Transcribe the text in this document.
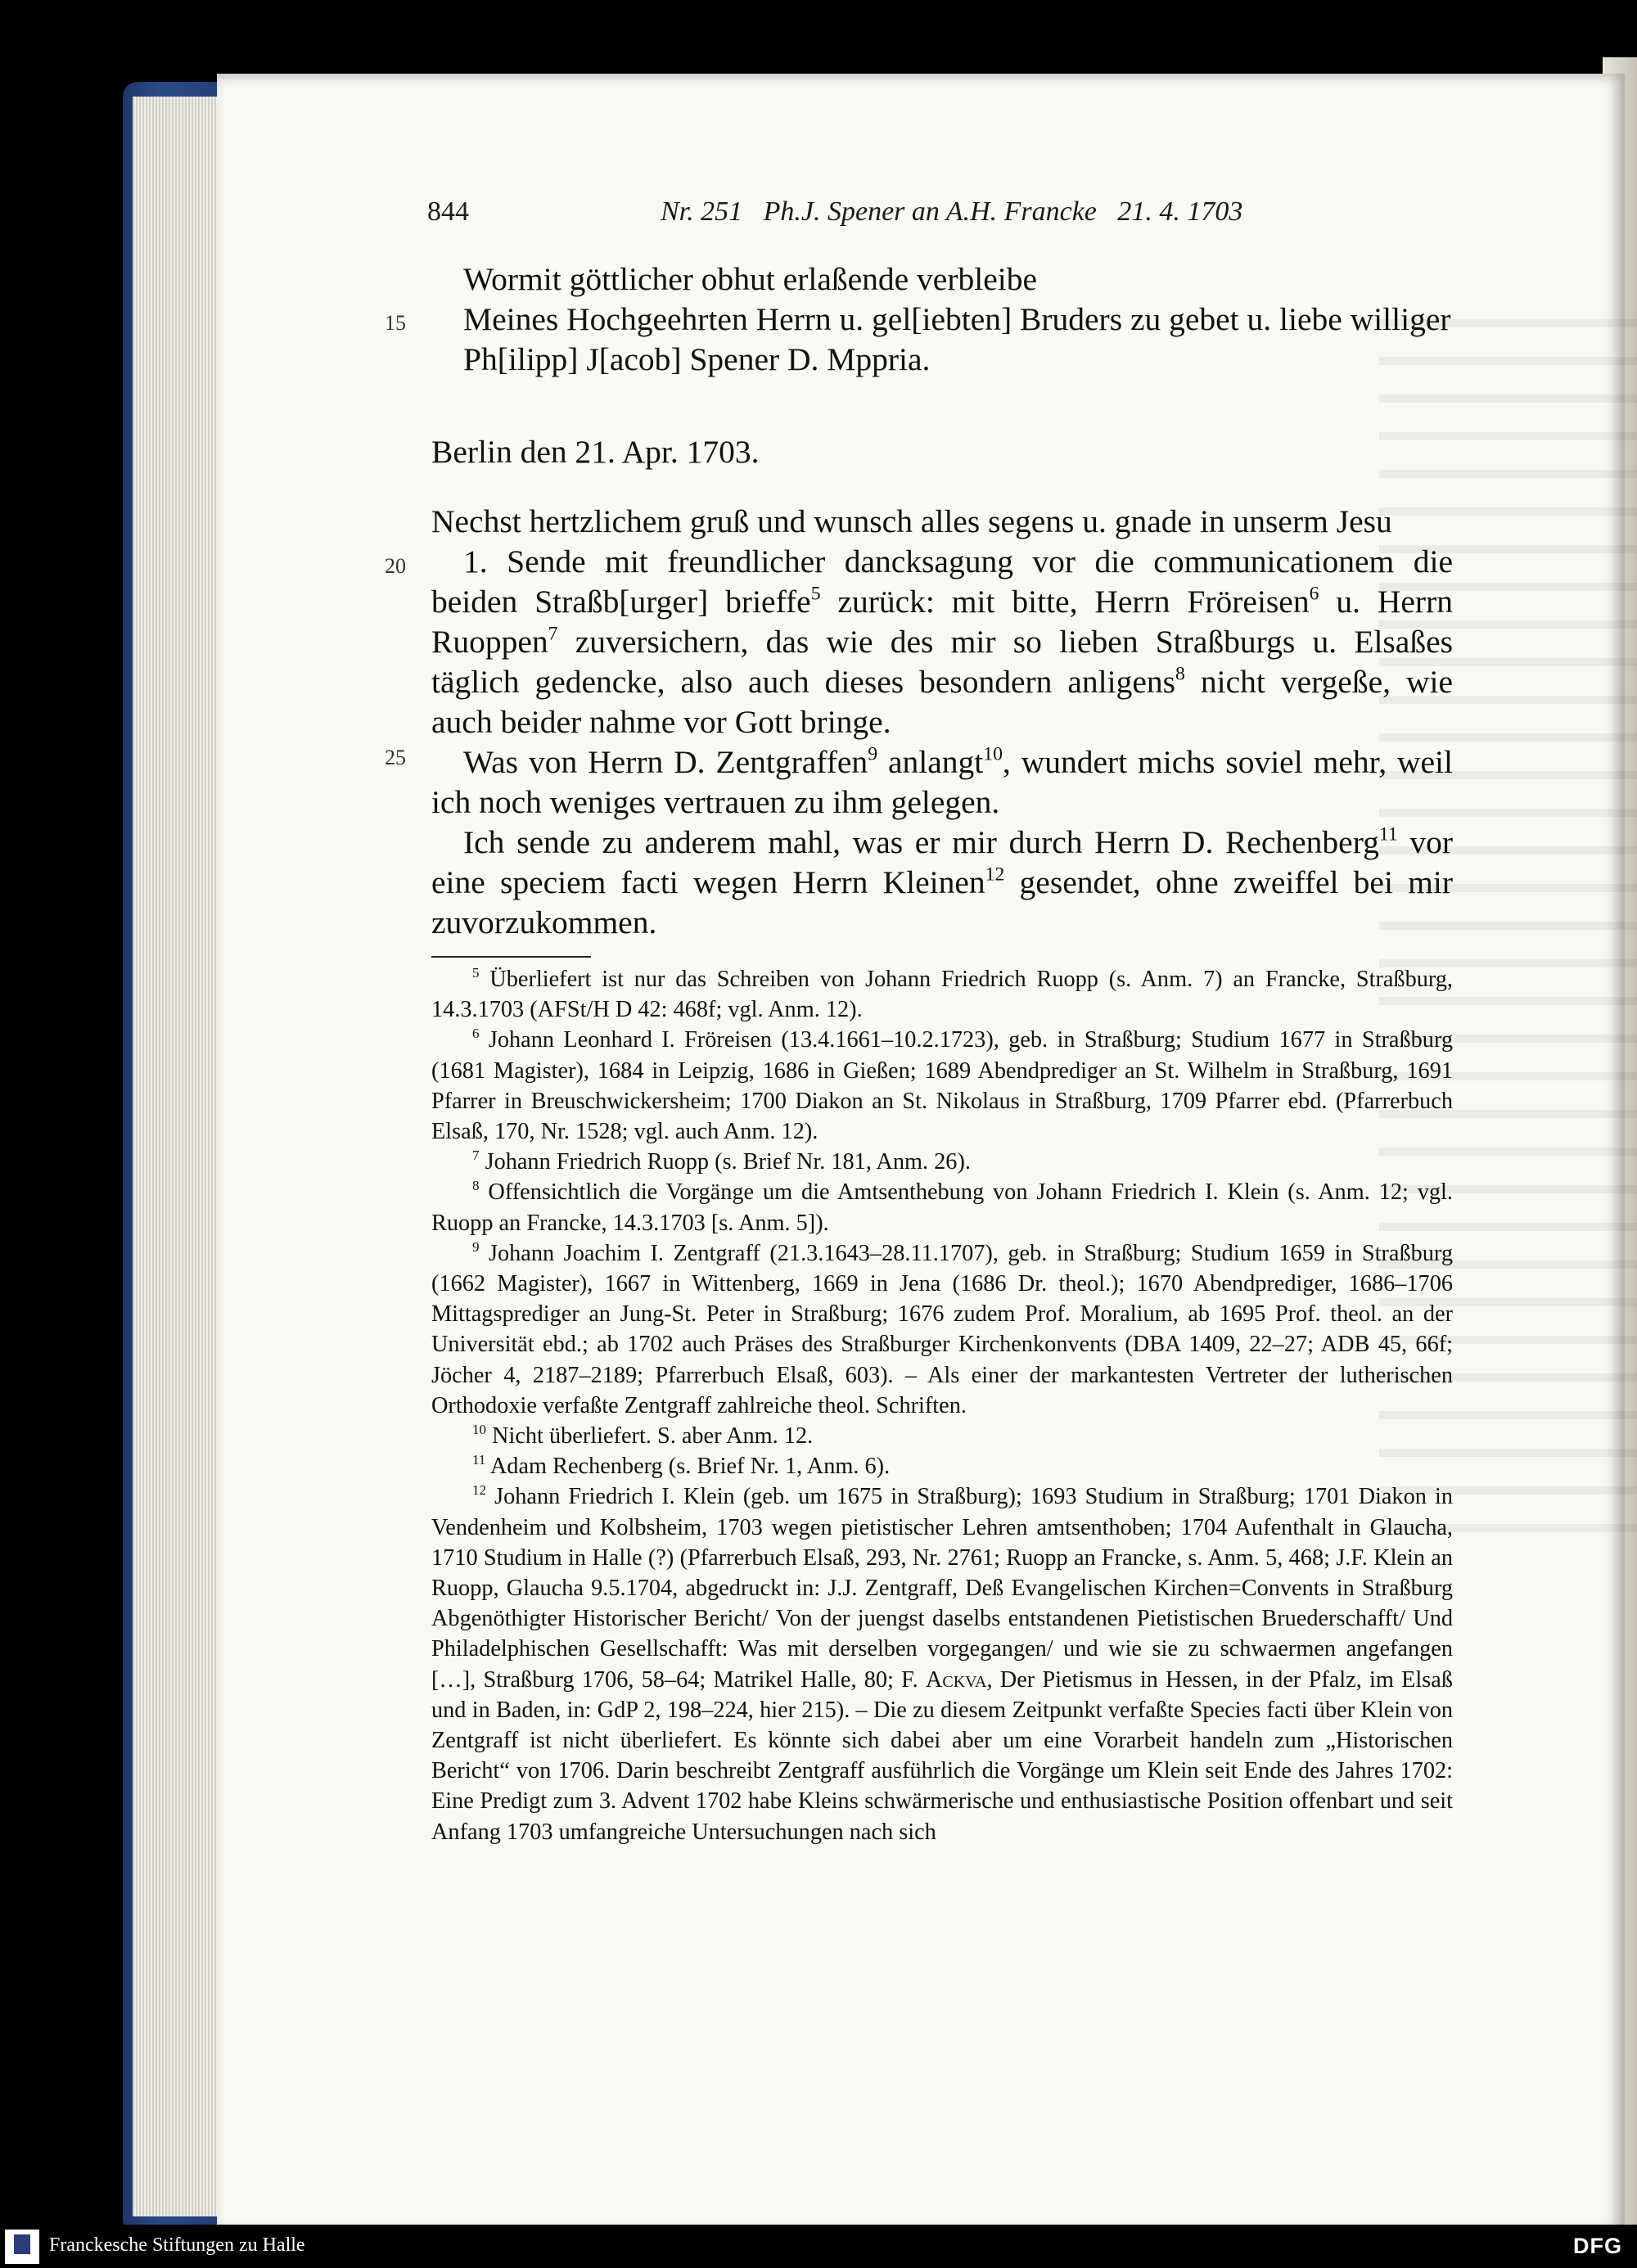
844	Nr. 251   Ph.J. Spener an A.H. Francke   21. 4. 1703
15
20
25

Wormit göttlicher obhut erlaßende verbleibe

Meines Hochgeehrten Herrn u. gel[iebten] Bruders zu gebet u. liebe williger

Ph[ilipp] J[acob] Spener D. Mppria.

Berlin den 21. Apr. 1703.

Nechst hertzlichem gruß und wunsch alles segens u. gnade in unserm Jesu

1. Sende mit freundlicher dancksagung vor die communicationem die beiden Straßb[urger] brieffe$^5$ zurück: mit bitte, Herrn Fröreisen$^6$ u. Herrn Ruoppen$^7$ zuversichern, das wie des mir so lieben Straßburgs u. Elsaßes täglich gedencke, also auch dieses besondern anligens$^8$ nicht vergeße, wie auch beider nahme vor Gott bringe.

Was von Herrn D. Zentgraffen$^9$ anlangt$^{10}$, wundert michs soviel mehr, weil ich noch weniges vertrauen zu ihm gelegen.

Ich sende zu anderem mahl, was er mir durch Herrn D. Rechenberg$^{11}$ vor eine speciem facti wegen Herrn Kleinen$^{12}$ gesendet, ohne zweiffel bei mir zuvorzukommen.

$^5$ Überliefert ist nur das Schreiben von Johann Friedrich Ruopp (s. Anm. 7) an Francke, Straßburg, 14.3.1703 (AFSt/H D 42: 468f; vgl. Anm. 12).

$^6$ Johann Leonhard I. Fröreisen (13.4.1661–10.2.1723), geb. in Straßburg; Studium 1677 in Straßburg (1681 Magister), 1684 in Leipzig, 1686 in Gießen; 1689 Abendprediger an St. Wilhelm in Straßburg, 1691 Pfarrer in Breuschwickersheim; 1700 Diakon an St. Nikolaus in Straßburg, 1709 Pfarrer ebd. (Pfarrerbuch Elsaß, 170, Nr. 1528; vgl. auch Anm. 12).

$^7$ Johann Friedrich Ruopp (s. Brief Nr. 181, Anm. 26).

$^8$ Offensichtlich die Vorgänge um die Amtsenthebung von Johann Friedrich I. Klein (s. Anm. 12; vgl. Ruopp an Francke, 14.3.1703 [s. Anm. 5]).

$^9$ Johann Joachim I. Zentgraff (21.3.1643–28.11.1707), geb. in Straßburg; Studium 1659 in Straßburg (1662 Magister), 1667 in Wittenberg, 1669 in Jena (1686 Dr. theol.); 1670 Abendprediger, 1686–1706 Mittagsprediger an Jung-St. Peter in Straßburg; 1676 zudem Prof. Moralium, ab 1695 Prof. theol. an der Universität ebd.; ab 1702 auch Präses des Straßburger Kirchenkonvents (DBA 1409, 22–27; ADB 45, 66f; Jöcher 4, 2187–2189; Pfarrerbuch Elsaß, 603). – Als einer der markantesten Vertreter der lutherischen Orthodoxie verfaßte Zentgraff zahlreiche theol. Schriften.

$^{10}$ Nicht überliefert. S. aber Anm. 12.

$^{11}$ Adam Rechenberg (s. Brief Nr. 1, Anm. 6).

$^{12}$ Johann Friedrich I. Klein (geb. um 1675 in Straßburg); 1693 Studium in Straßburg; 1701 Diakon in Vendenheim und Kolbsheim, 1703 wegen pietistischer Lehren amtsenthoben; 1704 Aufenthalt in Glaucha, 1710 Studium in Halle (?) (Pfarrerbuch Elsaß, 293, Nr. 2761; Ruopp an Francke, s. Anm. 5, 468; J.F. Klein an Ruopp, Glaucha 9.5.1704, abgedruckt in: J.J. Zentgraff, Deß Evangelischen Kirchen=Convents in Straßburg Abgenöthigter Historischer Bericht/ Von der juengst daselbs entstandenen Pietistischen Bruederschafft/ Und Philadelphischen Gesellschafft: Was mit derselben vorgegangen/ und wie sie zu schwaermen angefangen […], Straßburg 1706, 58–64; Matrikel Halle, 80; F. Ackva, Der Pietismus in Hessen, in der Pfalz, im Elsaß und in Baden, in: GdP 2, 198–224, hier 215). – Die zu diesem Zeitpunkt verfaßte Species facti über Klein von Zentgraff ist nicht überliefert. Es könnte sich dabei aber um eine Vorarbeit handeln zum „Historischen Bericht“ von 1706. Darin beschreibt Zentgraff ausführlich die Vorgänge um Klein seit Ende des Jahres 1702: Eine Predigt zum 3. Advent 1702 habe Kleins schwärmerische und enthusiastische Position offenbart und seit Anfang 1703 umfangreiche Untersuchungen nach sich

Franckesche Stiftungen zu Halle	DFG
